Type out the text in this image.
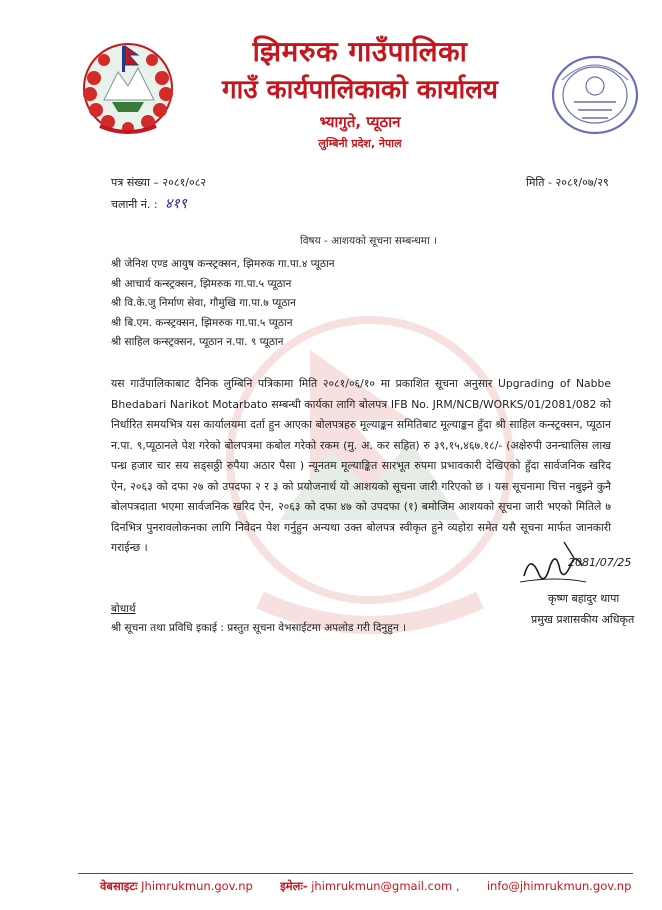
झिमरुक गाउँपालिका
गाउँ कार्यपालिकाको कार्यालय
भ्यागुते, प्यूठान
लुम्बिनी प्रदेश, नेपाल
पत्र संख्या – २०८१/०८२
चलानी नं. : ४१९
मिति - २०८१/०७/२९
विषय - आशयको सूचना सम्बन्धमा ।
श्री जेनिश एण्ड आयुष कन्स्ट्रक्सन, झिमरुक गा.पा.४ प्यूठान
श्री आचार्य कन्स्ट्रक्सन, झिमरुक गा.पा.५ प्यूठान
श्री वि.के.जु निर्माण सेवा, गौमुखि गा.पा.७ प्यूठान
श्री बि.एम. कन्स्ट्रक्सन, झिमरुक गा.पा.५ प्यूठान
श्री साहिल कन्स्ट्रक्सन, प्यूठान न.पा. ९ प्यूठान
यस गाउँपालिकाबाट दैनिक लुम्बिनि पत्रिकामा मिति २०८१/०६/१० मा प्रकाशित सूचना अनुसार Upgrading of Nabbe Bhedabari Narikot Motarbato सम्बन्धी कार्यका लागि बोलपत्र IFB No. JRM/NCB/WORKS/01/2081/082 को निर्धारित समयभित्र यस कार्यालयमा दर्ता हुन आएका बोलपत्रहरु मूल्याङ्कन समितिबाट मूल्याङ्कन हुँदा श्री साहिल कन्स्ट्रक्सन, प्यूठान न.पा. ९,प्यूठानले पेश गरेको बोलपत्रमा कबोल गरेको रकम (मु. अ. कर सहित) रु ३९,१५,४६७.१८/- (अक्षेरुपी उनन्चालिस लाख पन्ध्र हजार चार सय सड्सठ्ठी रुपैया अठार पैसा ) न्यूनतम मूल्याङ्कित सारभूत रुपमा प्रभावकारी देखिएको हुँदा सार्वजनिक खरिद ऐन, २०६३ को दफा २७ को उपदफा २ र ३ को प्रयोजनार्थ यो आशयको सूचना जारी गरिएको छ । यस सूचनामा चित्त नबुझ्ने कुनै बोलपत्रदाता भएमा सार्वजनिक खरिद ऐन, २०६३ को दफा ४७ को उपदफा (१) बमोजिम आशयको सूचना जारी भएको मितिले ७ दिनभित्र पुनरावलोकनका लागि निवेदन पेश गर्नुहुन अन्यथा उक्त बोलपत्र स्वीकृत हुने व्यहोरा समेत यसै सूचना मार्फत जानकारी गराईन्छ ।
2081/07/25
कृष्ण बहादुर थापा
प्रमुख प्रशासकीय अधिकृत
बोधार्थ
श्री सूचना तथा प्रविधि इकाई : प्रस्तुत सूचना वेभसाईटमा अपलोड गरी दिनुहुन ।
वेबसाइटः Jhimrukmun.gov.np इमेलः- jhimrukmun@gmail.com , info@jhimrukmun.gov.np
